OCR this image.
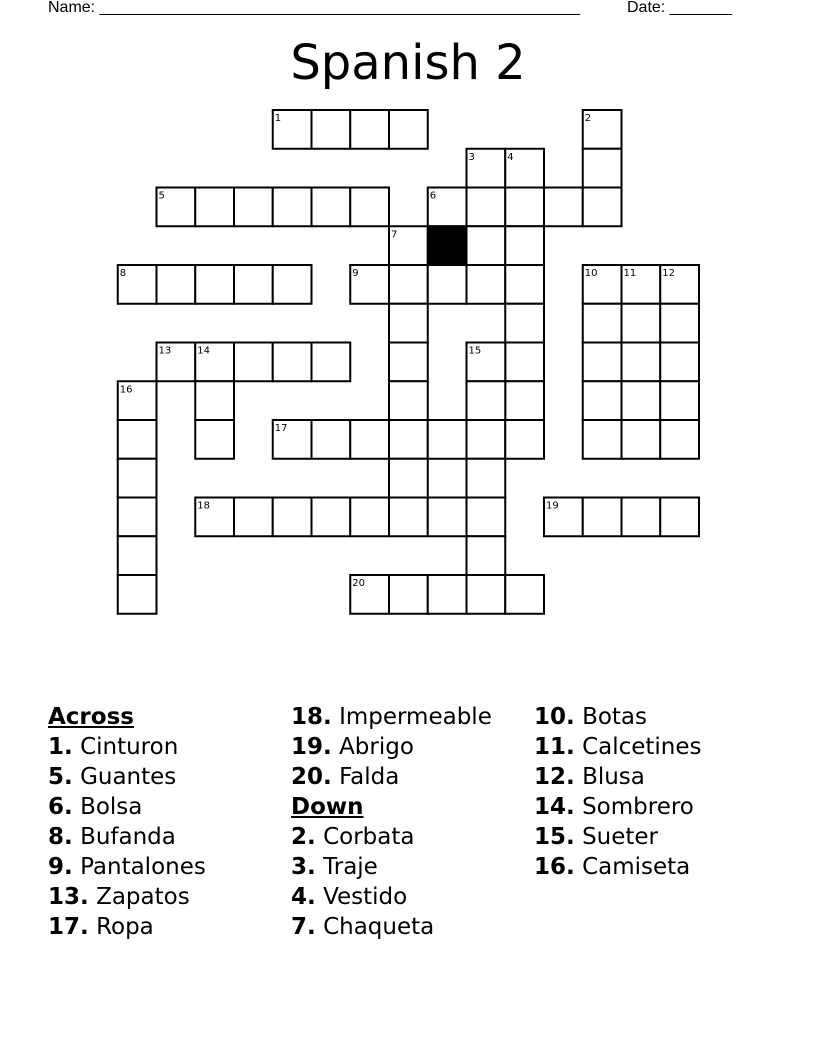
Name: ______________________________________________________	Date: _______
Spanish 2
1
5	6
8	9
13
17
18	19
20
2
3	4
7
10	11	12
14	15
16
Across
1. Cinturon
5. Guantes
6. Bolsa
8. Bufanda
9. Pantalones
13. Zapatos
17. Ropa
18. Impermeable
19. Abrigo
20. Falda
Down
2. Corbata
3. Traje
4. Vestido
7. Chaqueta
10. Botas
11. Calcetines
12. Blusa
14. Sombrero
15. Sueter
16. Camiseta
